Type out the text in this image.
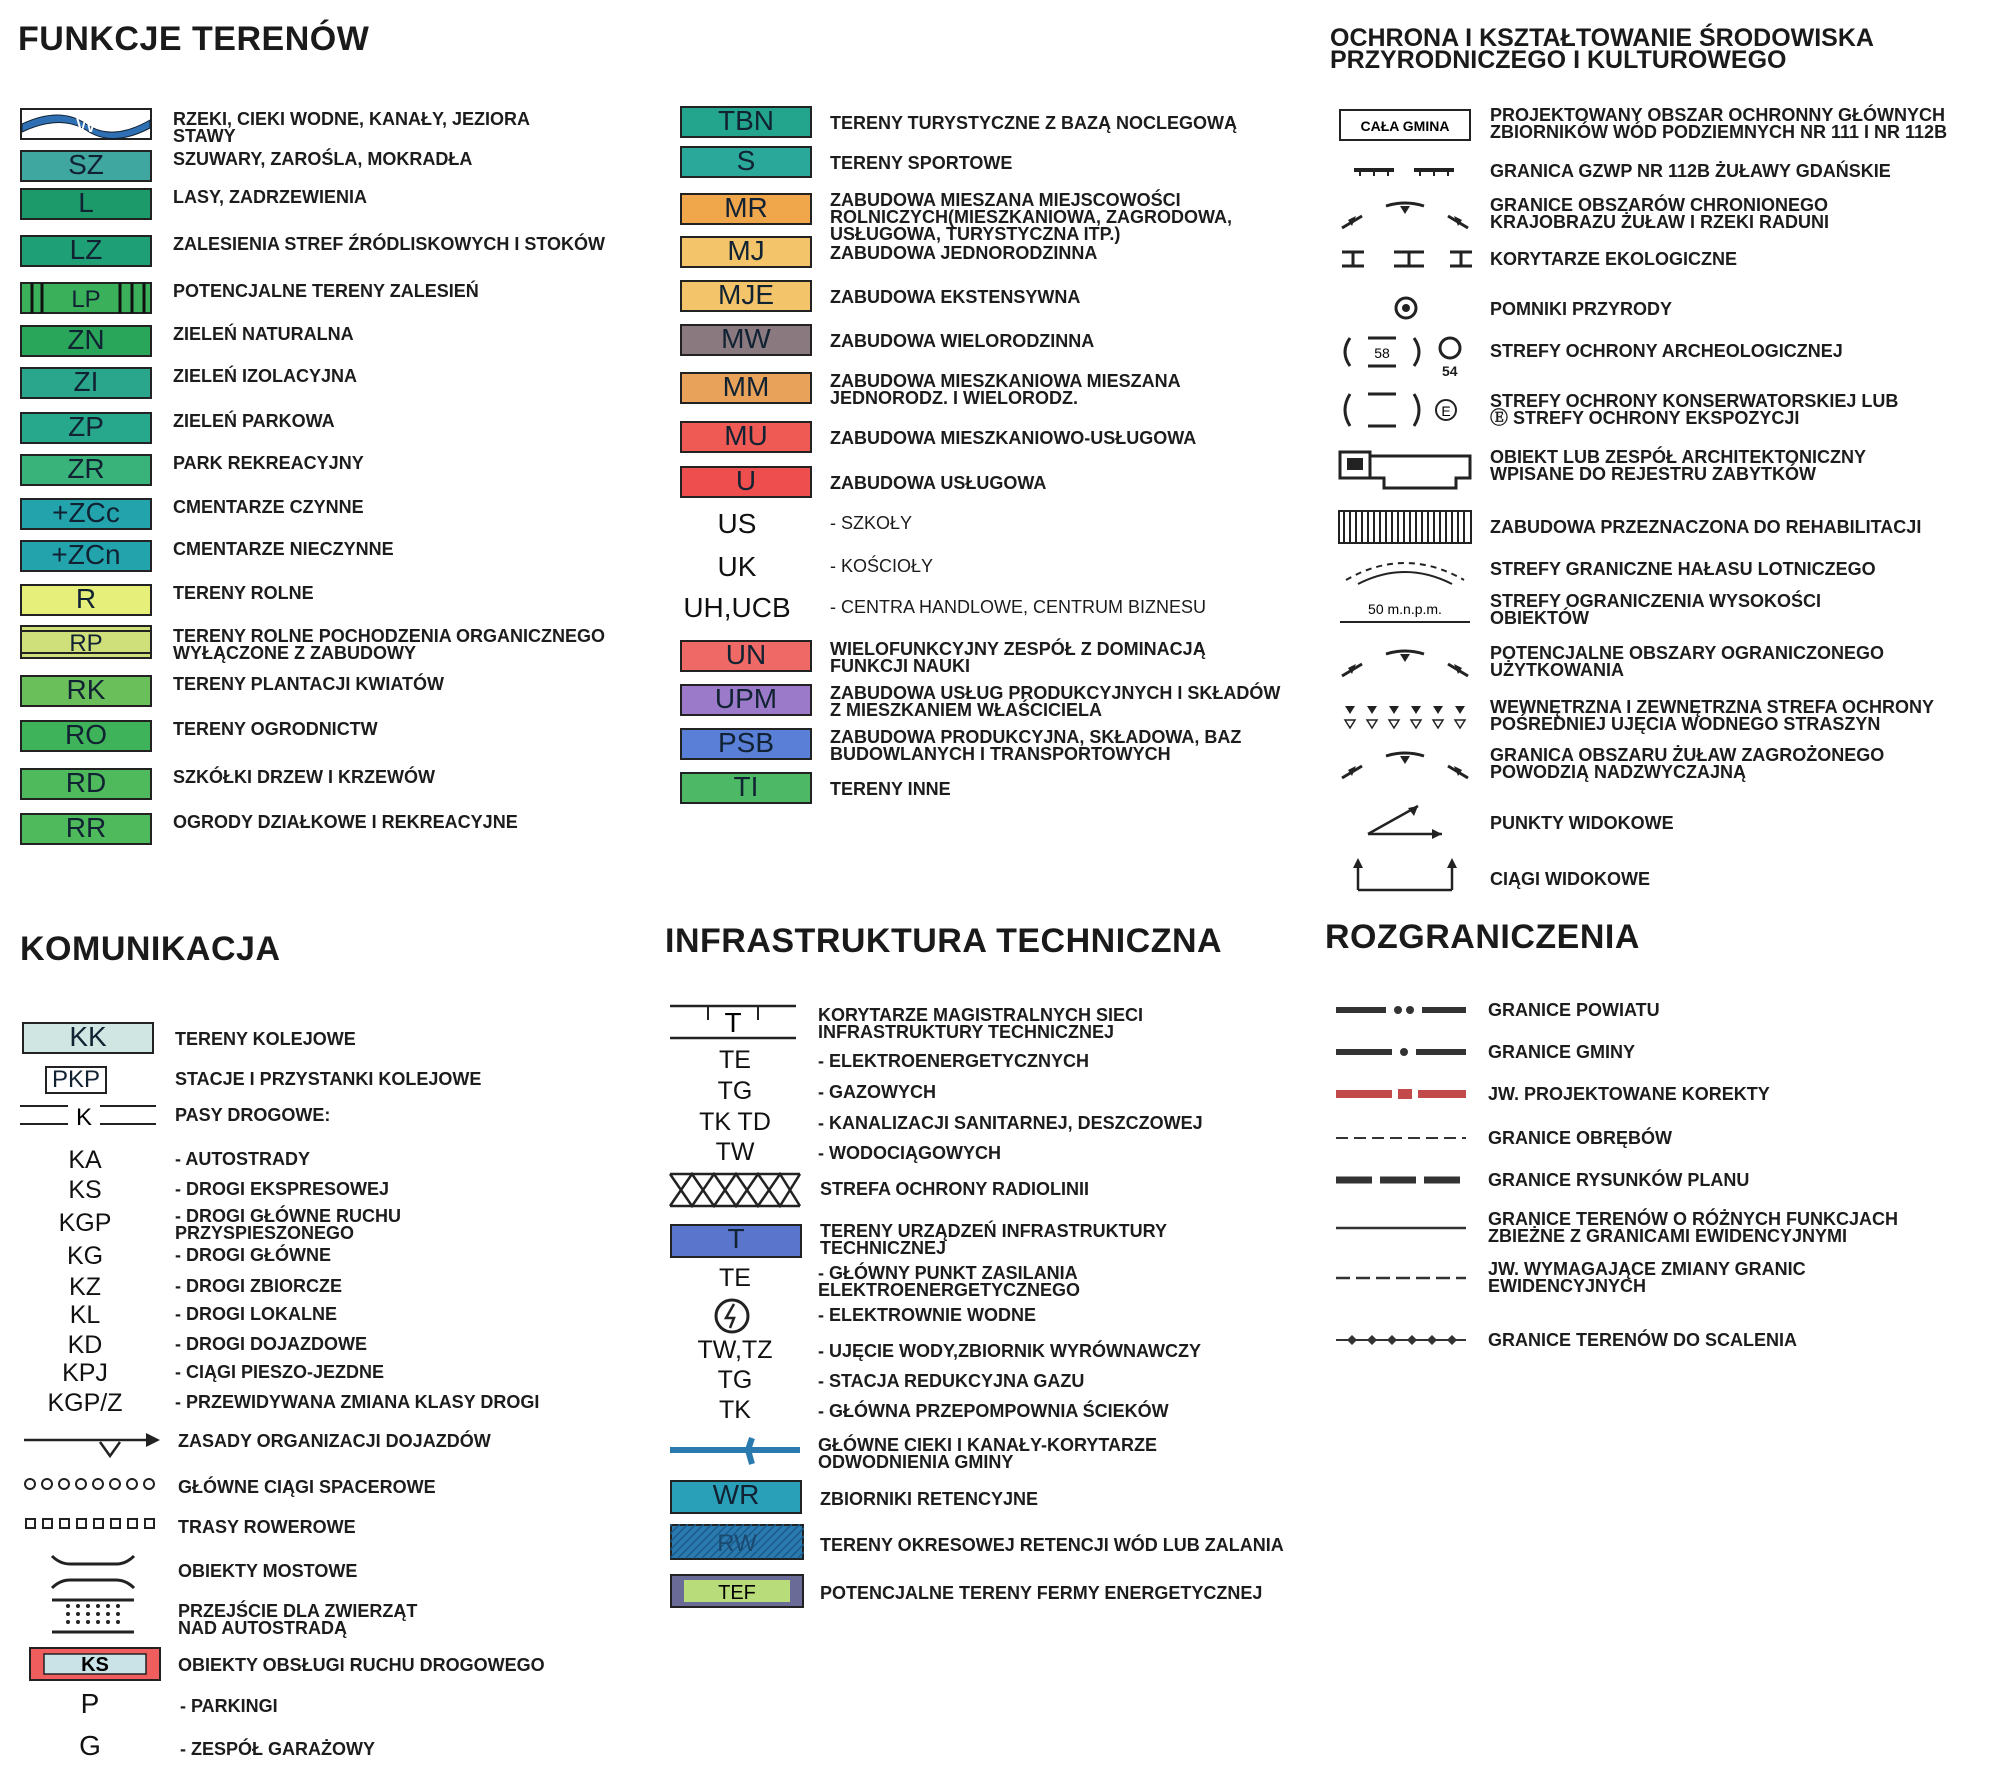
FUNKCJE TERENÓW	OCHRONA I KSZTAŁTOWANIE ŚRODOWISKA
PRZYRODNICZEGO I KULTUROWEGO
KOMUNIKACJA	INFRASTRUKTURA TECHNICZNA	ROZGRANICZENIA
W	RZEKI, CIEKI WODNE, KANAŁY, JEZIORA
STAWY
SZ	SZUWARY, ZAROŚLA, MOKRADŁA
L	LASY, ZADRZEWIENIA
LZ	ZALESIENIA STREF ŹRÓDLISKOWYCH I STOKÓW
LP	POTENCJALNE TERENY ZALESIEŃ
ZN	ZIELEŃ NATURALNA
ZI	ZIELEŃ IZOLACYJNA
ZP	ZIELEŃ PARKOWA
ZR	PARK REKREACYJNY
+ZCc	CMENTARZE CZYNNE
+ZCn	CMENTARZE NIECZYNNE
R	TERENY ROLNE
RP	TERENY ROLNE POCHODZENIA ORGANICZNEGO
WYŁĄCZONE Z ZABUDOWY
RK	TERENY PLANTACJI KWIATÓW
RO	TERENY OGRODNICTW
RD	SZKÓŁKI DRZEW I KRZEWÓW
RR	OGRODY DZIAŁKOWE I REKREACYJNE
TBN	TERENY TURYSTYCZNE Z BAZĄ NOCLEGOWĄ
S	TERENY SPORTOWE
MR	ZABUDOWA MIESZANA MIEJSCOWOŚCI
ROLNICZYCH(MIESZKANIOWA, ZAGRODOWA,
USŁUGOWA, TURYSTYCZNA ITP.)
MJ	ZABUDOWA JEDNORODZINNA
MJE	ZABUDOWA EKSTENSYWNA
MW	ZABUDOWA WIELORODZINNA
MM	ZABUDOWA MIESZKANIOWA MIESZANA
JEDNORODZ. I WIELORODZ.
MU	ZABUDOWA MIESZKANIOWO-USŁUGOWA
U	ZABUDOWA USŁUGOWA
US	- SZKOŁY
UK	- KOŚCIOŁY
UH,UCB	- CENTRA HANDLOWE, CENTRUM BIZNESU
UN	WIELOFUNKCYJNY ZESPÓŁ Z DOMINACJĄ
FUNKCJI NAUKI
UPM	ZABUDOWA USŁUG PRODUKCYJNYCH I SKŁADÓW
Z MIESZKANIEM WŁAŚCICIELA
PSB	ZABUDOWA PRODUKCYJNA, SKŁADOWA, BAZ
BUDOWLANYCH I TRANSPORTOWYCH
TI	TERENY INNE
CAŁA GMINA
PROJEKTOWANY OBSZAR OCHRONNY GŁÓWNYCH
ZBIORNIKÓW WÓD PODZIEMNYCH NR 111 I NR 112B
GRANICA GZWP NR 112B ŻUŁAWY GDAŃSKIE
GRANICE OBSZARÓW CHRONIONEGO
KRAJOBRAZU ŻUŁAW I RZEKI RADUNI
KORYTARZE EKOLOGICZNE
POMNIKI PRZYRODY
58
54
STREFY OCHRONY ARCHEOLOGICZNEJ
E STREFY OCHRONY KONSERWATORSKIEJ LUB
Ⓔ STREFY OCHRONY EKSPOZYCJI
OBIEKT LUB ZESPÓŁ ARCHITEKTONICZNY
WPISANE DO REJESTRU ZABYTKÓW
ZABUDOWA PRZEZNACZONA DO REHABILITACJI
STREFY GRANICZNE HAŁASU LOTNICZEGO
50 m.n.p.m.	STREFY OGRANICZENIA WYSOKOŚCI
OBIEKTÓW
POTENCJALNE OBSZARY OGRANICZONEGO
UŻYTKOWANIA
WEWNĘTRZNA I ZEWNĘTRZNA STREFA OCHRONY
POŚREDNIEJ UJĘCIA WODNEGO STRASZYN
GRANICA OBSZARU ŻUŁAW ZAGROŻONEGO
POWODZIĄ NADZWYCZAJNĄ
PUNKTY WIDOKOWE
CIĄGI WIDOKOWE
KK	TERENY KOLEJOWE
PKP	STACJE I PRZYSTANKI KOLEJOWE
K	PASY DROGOWE:
KA	- AUTOSTRADY
KS	- DROGI EKSPRESOWEJ
KGP	- DROGI GŁÓWNE RUCHU
PRZYSPIESZONEGO
KG	- DROGI GŁÓWNE
KZ	- DROGI ZBIORCZE
KL	- DROGI LOKALNE
KD	- DROGI DOJAZDOWE
KPJ	- CIĄGI PIESZO-JEZDNE
KGP/Z	- PRZEWIDYWANA ZMIANA KLASY DROGI
ZASADY ORGANIZACJI DOJAZDÓW
GŁÓWNE CIĄGI SPACEROWE
TRASY ROWEROWE
OBIEKTY MOSTOWE
PRZEJŚCIE DLA ZWIERZĄT
NAD AUTOSTRADĄ
KS	OBIEKTY OBSŁUGI RUCHU DROGOWEGO
P	- PARKINGI
G	- ZESPÓŁ GARAŻOWY
T	KORYTARZE MAGISTRALNYCH SIECI
INFRASTRUKTURY TECHNICZNEJ
TE	- ELEKTROENERGETYCZNYCH
TG	- GAZOWYCH
TK TD	- KANALIZACJI SANITARNEJ, DESZCZOWEJ
TW	- WODOCIĄGOWYCH
STREFA OCHRONY RADIOLINII
T	TERENY URZĄDZEŃ INFRASTRUKTURY
TECHNICZNEJ
TE	- GŁÓWNY PUNKT ZASILANIA
ELEKTROENERGETYCZNEGO
- ELEKTROWNIE WODNE
TW,TZ	- UJĘCIE WODY,ZBIORNIK WYRÓWNAWCZY
TG	- STACJA REDUKCYJNA GAZU
TK	- GŁÓWNA PRZEPOMPOWNIA ŚCIEKÓW
GŁÓWNE CIEKI I KANAŁY-KORYTARZE
ODWODNIENIA GMINY
WR	ZBIORNIKI RETENCYJNE
RW	TERENY OKRESOWEJ RETENCJI WÓD LUB ZALANIA
TEF	POTENCJALNE TERENY FERMY ENERGETYCZNEJ
GRANICE POWIATU
GRANICE GMINY
JW. PROJEKTOWANE KOREKTY
GRANICE OBRĘBÓW
GRANICE RYSUNKÓW PLANU
GRANICE TERENÓW O RÓŻNYCH FUNKCJACH
ZBIEŻNE Z GRANICAMI EWIDENCYJNYMI
JW. WYMAGAJĄCE ZMIANY GRANIC
EWIDENCYJNYCH
GRANICE TERENÓW DO SCALENIA
